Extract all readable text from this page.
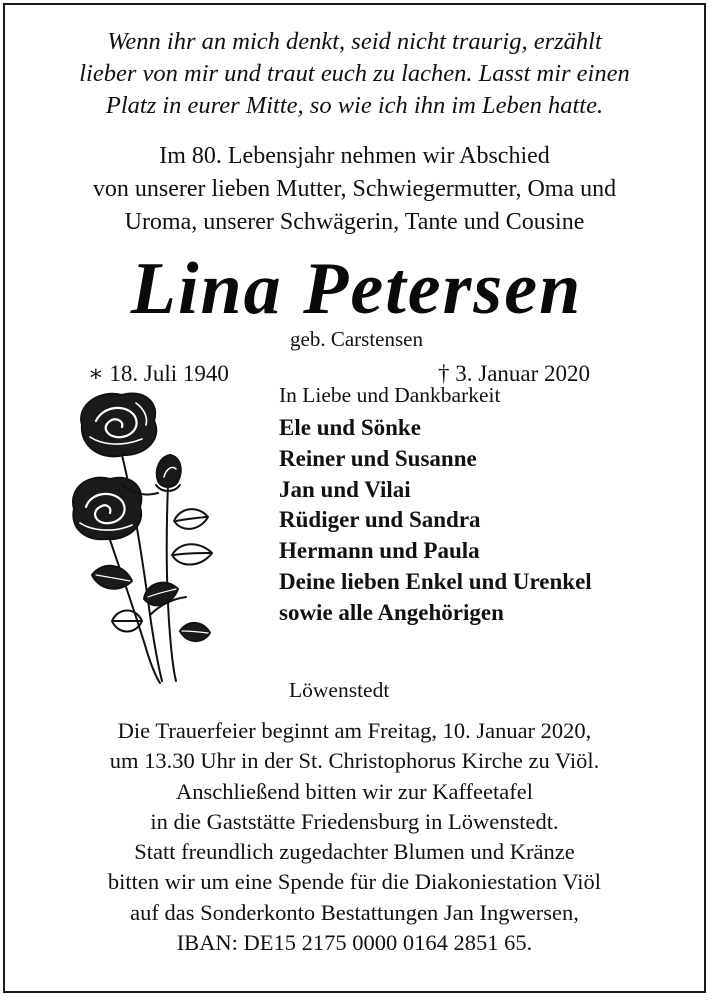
Wenn ihr an mich denkt, seid nicht traurig, erzählt
lieber von mir und traut euch zu lachen. Lasst mir einen
Platz in eurer Mitte, so wie ich ihn im Leben hatte.
Im 80. Lebensjahr nehmen wir Abschied
von unserer lieben Mutter, Schwiegermutter, Oma und
Uroma, unserer Schwägerin, Tante und Cousine
Lina Petersen
geb. Carstensen
∗ 18. Juli 1940	† 3. Januar 2020
In Liebe und Dankbarkeit
Ele und Sönke
Reiner und Susanne
Jan und Vilai
Rüdiger und Sandra
Hermann und Paula
Deine lieben Enkel und Urenkel
sowie alle Angehörigen
Löwenstedt
Die Trauerfeier beginnt am Freitag, 10. Januar 2020,
um 13.30 Uhr in der St. Christophorus Kirche zu Viöl.
Anschließend bitten wir zur Kaffeetafel
in die Gaststätte Friedensburg in Löwenstedt.
Statt freundlich zugedachter Blumen und Kränze
bitten wir um eine Spende für die Diakoniestation Viöl
auf das Sonderkonto Bestattungen Jan Ingwersen,
IBAN: DE15 2175 0000 0164 2851 65.
